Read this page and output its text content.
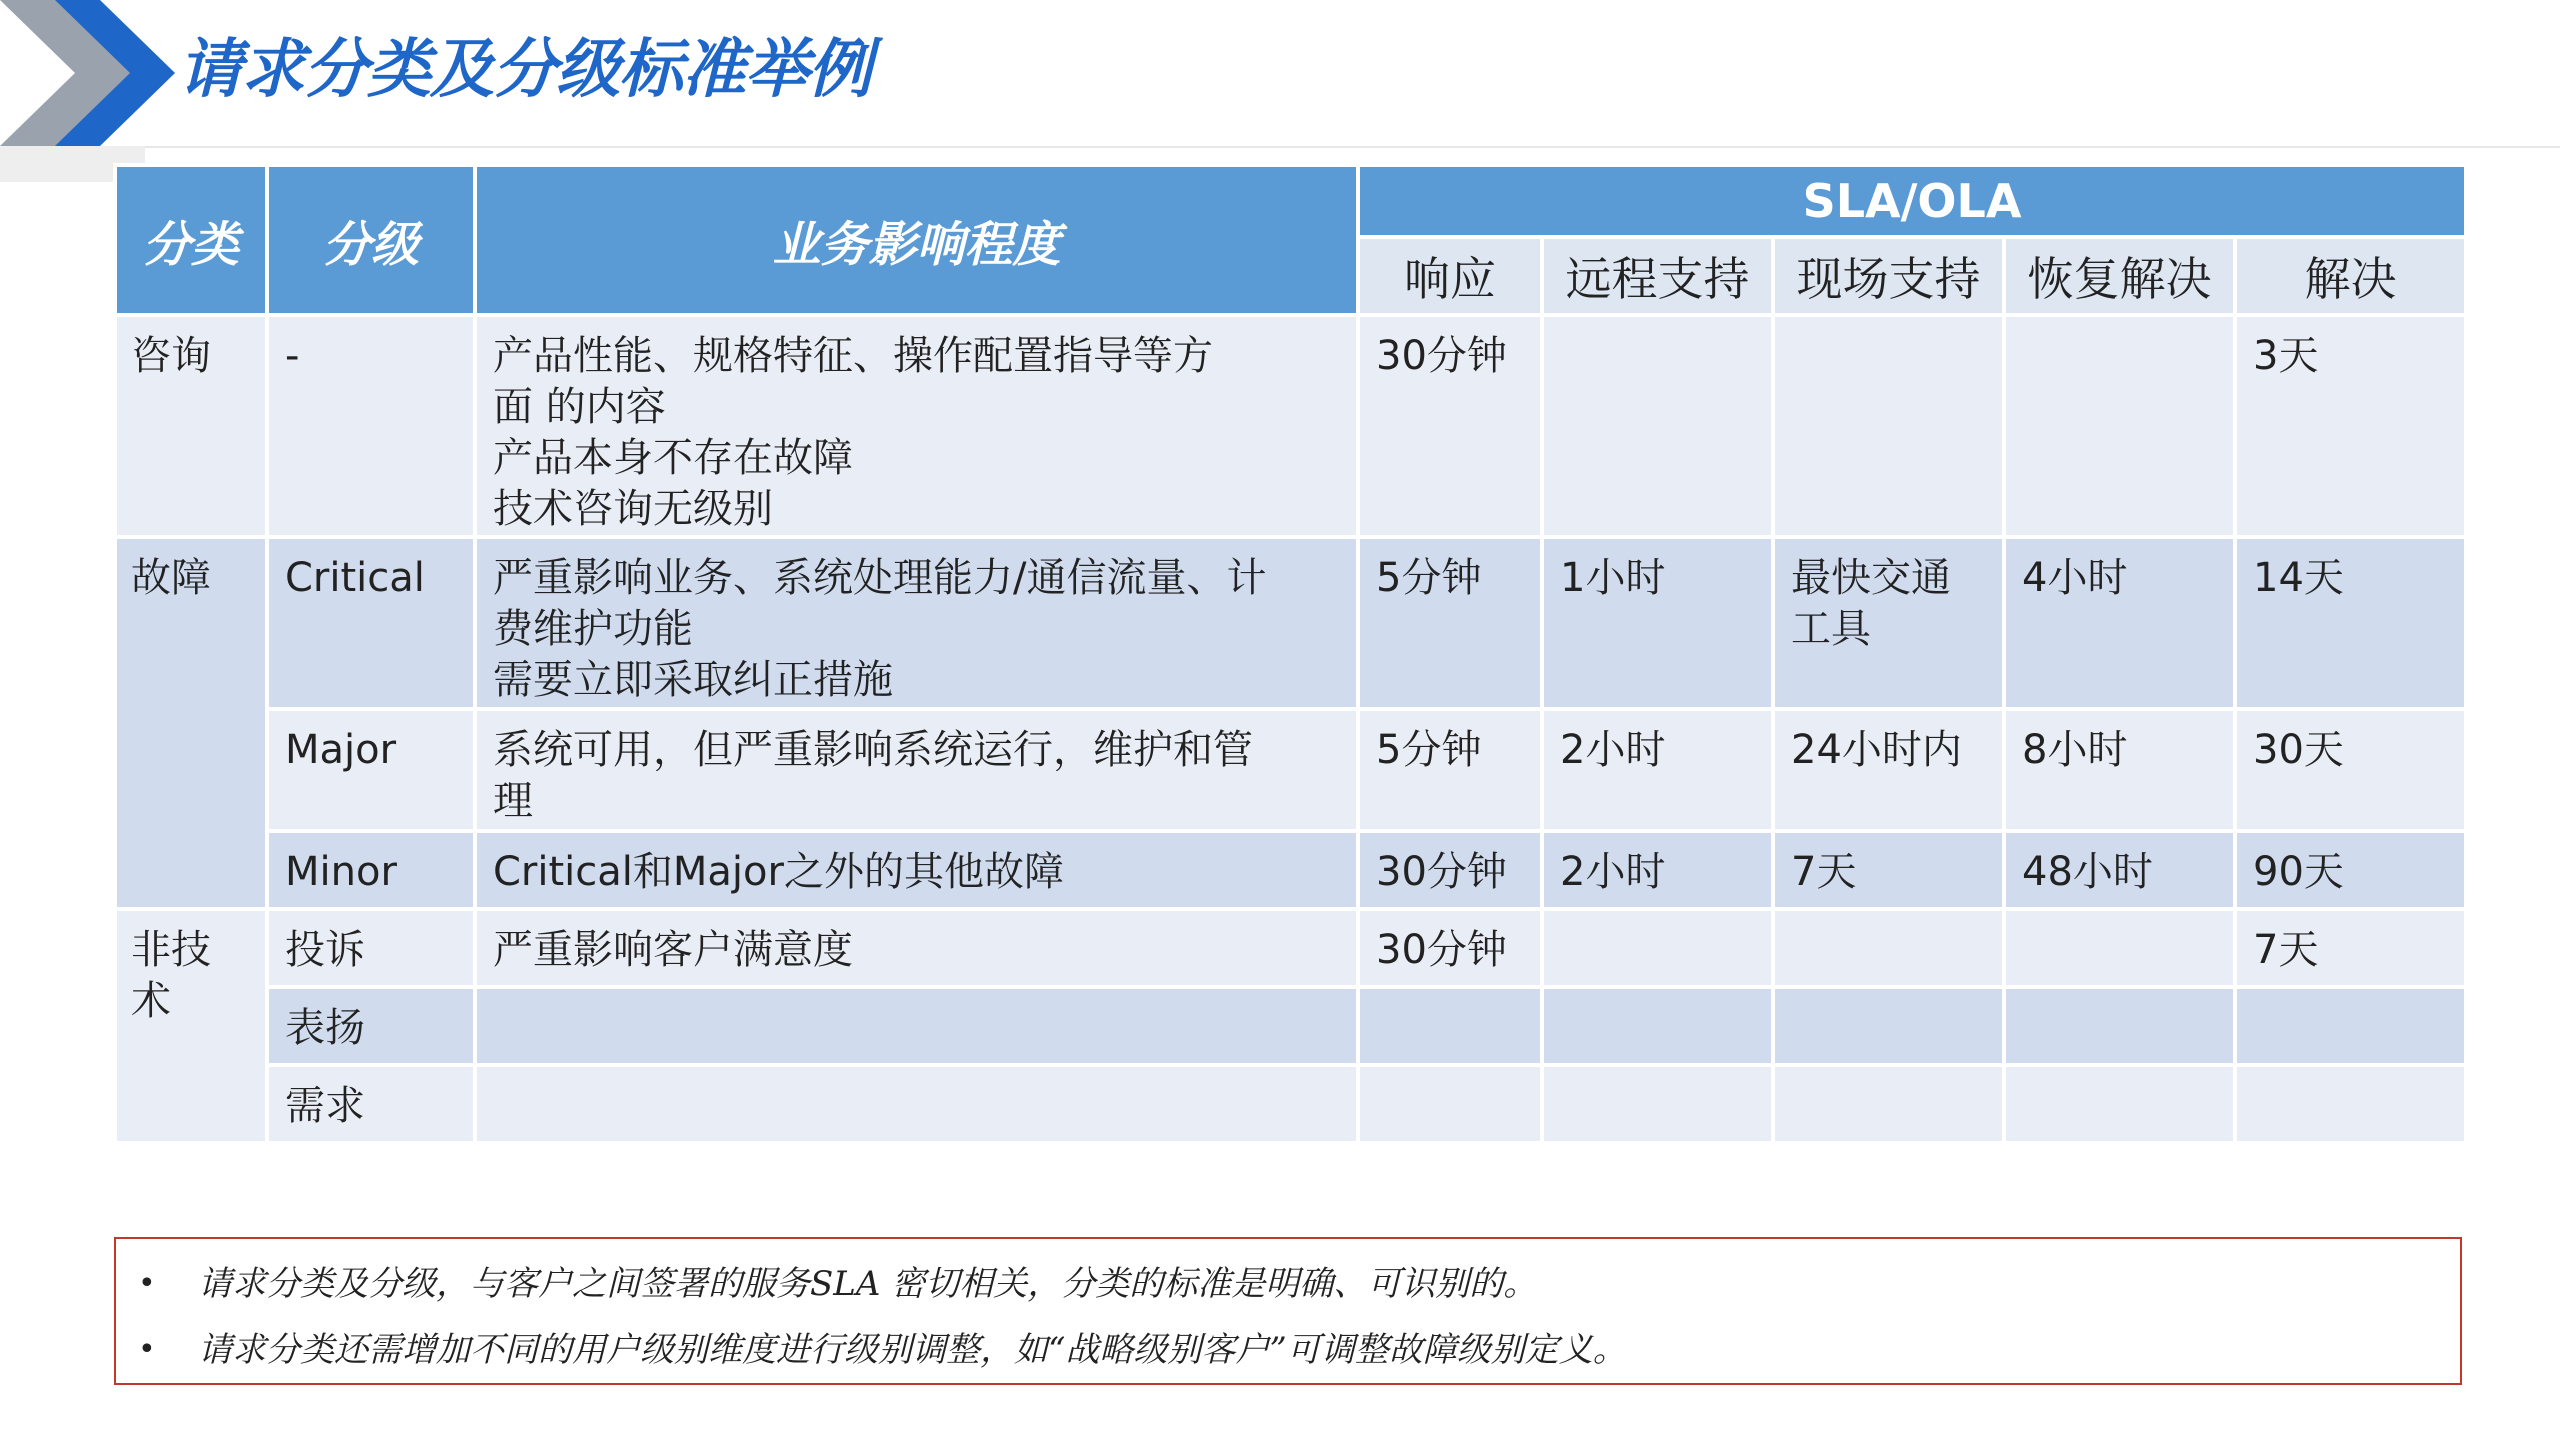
请求分类及分级标准举例
分类	分级	业务影响程度	SLA/OLA				
			响应	远程支持	现场支持	恢复解决	解决
咨询	-	产品性能、规格特征、操作配置指导等方
面 的内容
产品本身不存在故障
技术咨询无级别	30分钟				3天
故障	Critical	严重影响业务、系统处理能力/通信流量、计
费维护功能
需要立即采取纠正措施	5分钟	1小时	最快交通
工具	4小时	14天
	Major	系统可用，但严重影响系统运行，维护和管
理	5分钟	2小时	24小时内	8小时	30天
	Minor	Critical和Major之外的其他故障	30分钟	2小时	7天	48小时	90天
非技
术	投诉	严重影响客户满意度	30分钟				7天
	表扬						
	需求						
• 请求分类及分级，与客户之间签署的服务SLA 密切相关，分类的标准是明确、可识别的。
• 请求分类还需增加不同的用户级别维度进行级别调整，如“战略级别客户”可调整故障级别定义。
